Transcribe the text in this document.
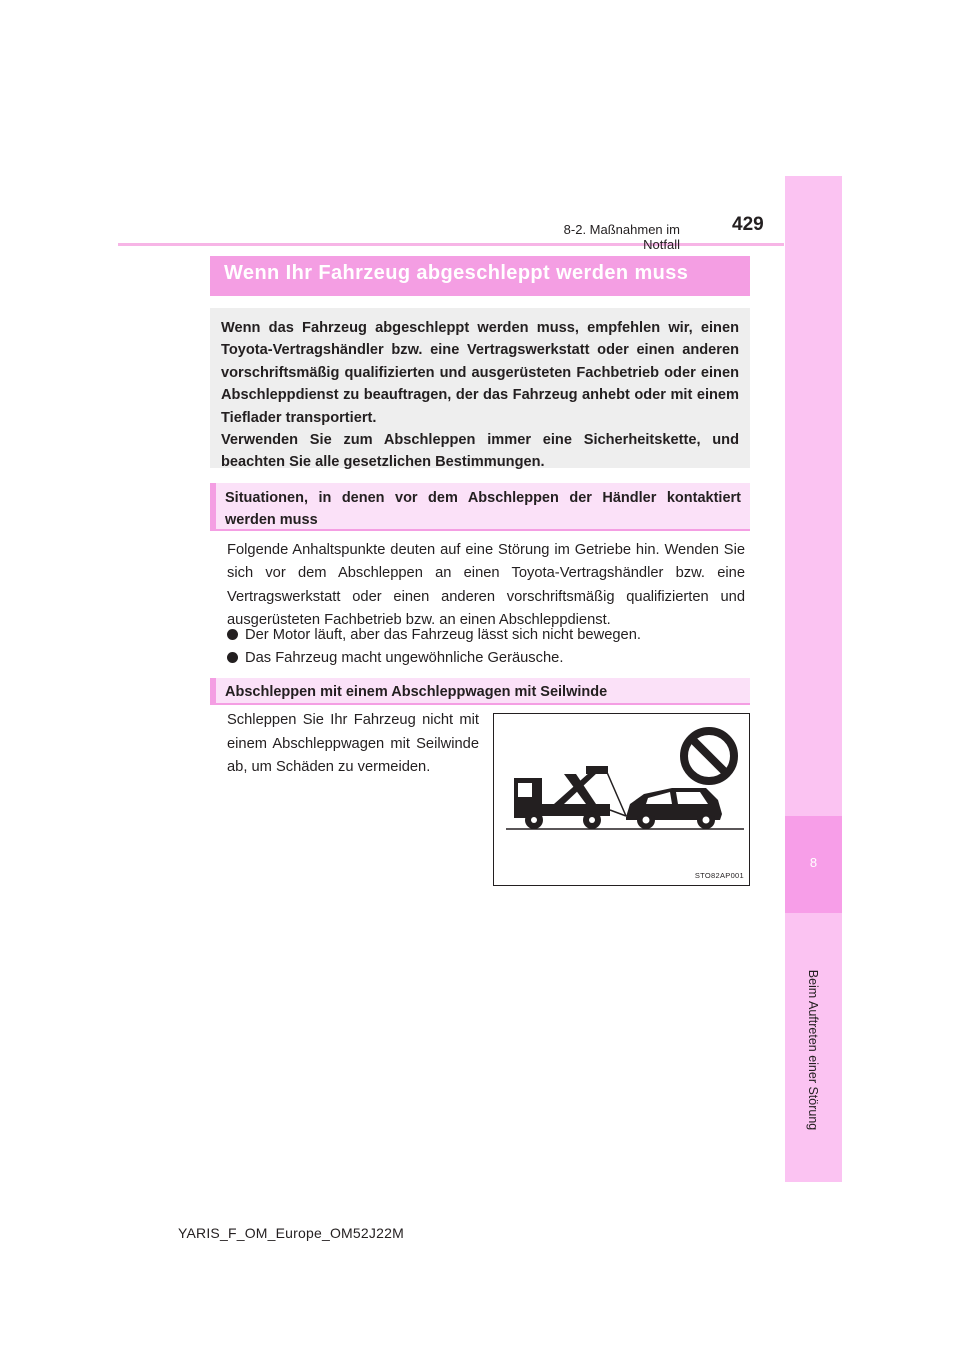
8-2. Maßnahmen im Notfall
429
8
Beim Auftreten einer Störung
Wenn Ihr Fahrzeug abgeschleppt werden muss

Wenn das Fahrzeug abgeschleppt werden muss, empfehlen wir, einen Toyota-Vertragshändler bzw. eine Vertragswerkstatt oder einen anderen vorschriftsmäßig qualifizierten und ausgerüsteten Fachbetrieb oder einen Abschleppdienst zu beauftragen, der das Fahrzeug anhebt oder mit einem Tieflader transportiert.

Verwenden Sie zum Abschleppen immer eine Sicherheitskette, und beachten Sie alle gesetzlichen Bestimmungen.

Situationen, in denen vor dem Abschleppen der Händler kontaktiert werden muss
Folgende Anhaltspunkte deuten auf eine Störung im Getriebe hin. Wenden Sie sich vor dem Abschleppen an einen Toyota-Vertragshändler bzw. eine Vertragswerkstatt oder einen anderen vorschriftsmäßig qualifizierten und ausgerüsteten Fachbetrieb bzw. an einen Abschleppdienst.
Der Motor läuft, aber das Fahrzeug lässt sich nicht bewegen.
Das Fahrzeug macht ungewöhnliche Geräusche.
Abschleppen mit einem Abschleppwagen mit Seilwinde
Schleppen Sie Ihr Fahrzeug nicht mit einem Abschleppwagen mit Seilwinde ab, um Schäden zu vermeiden.
STO82AP001
YARIS_F_OM_Europe_OM52J22M
